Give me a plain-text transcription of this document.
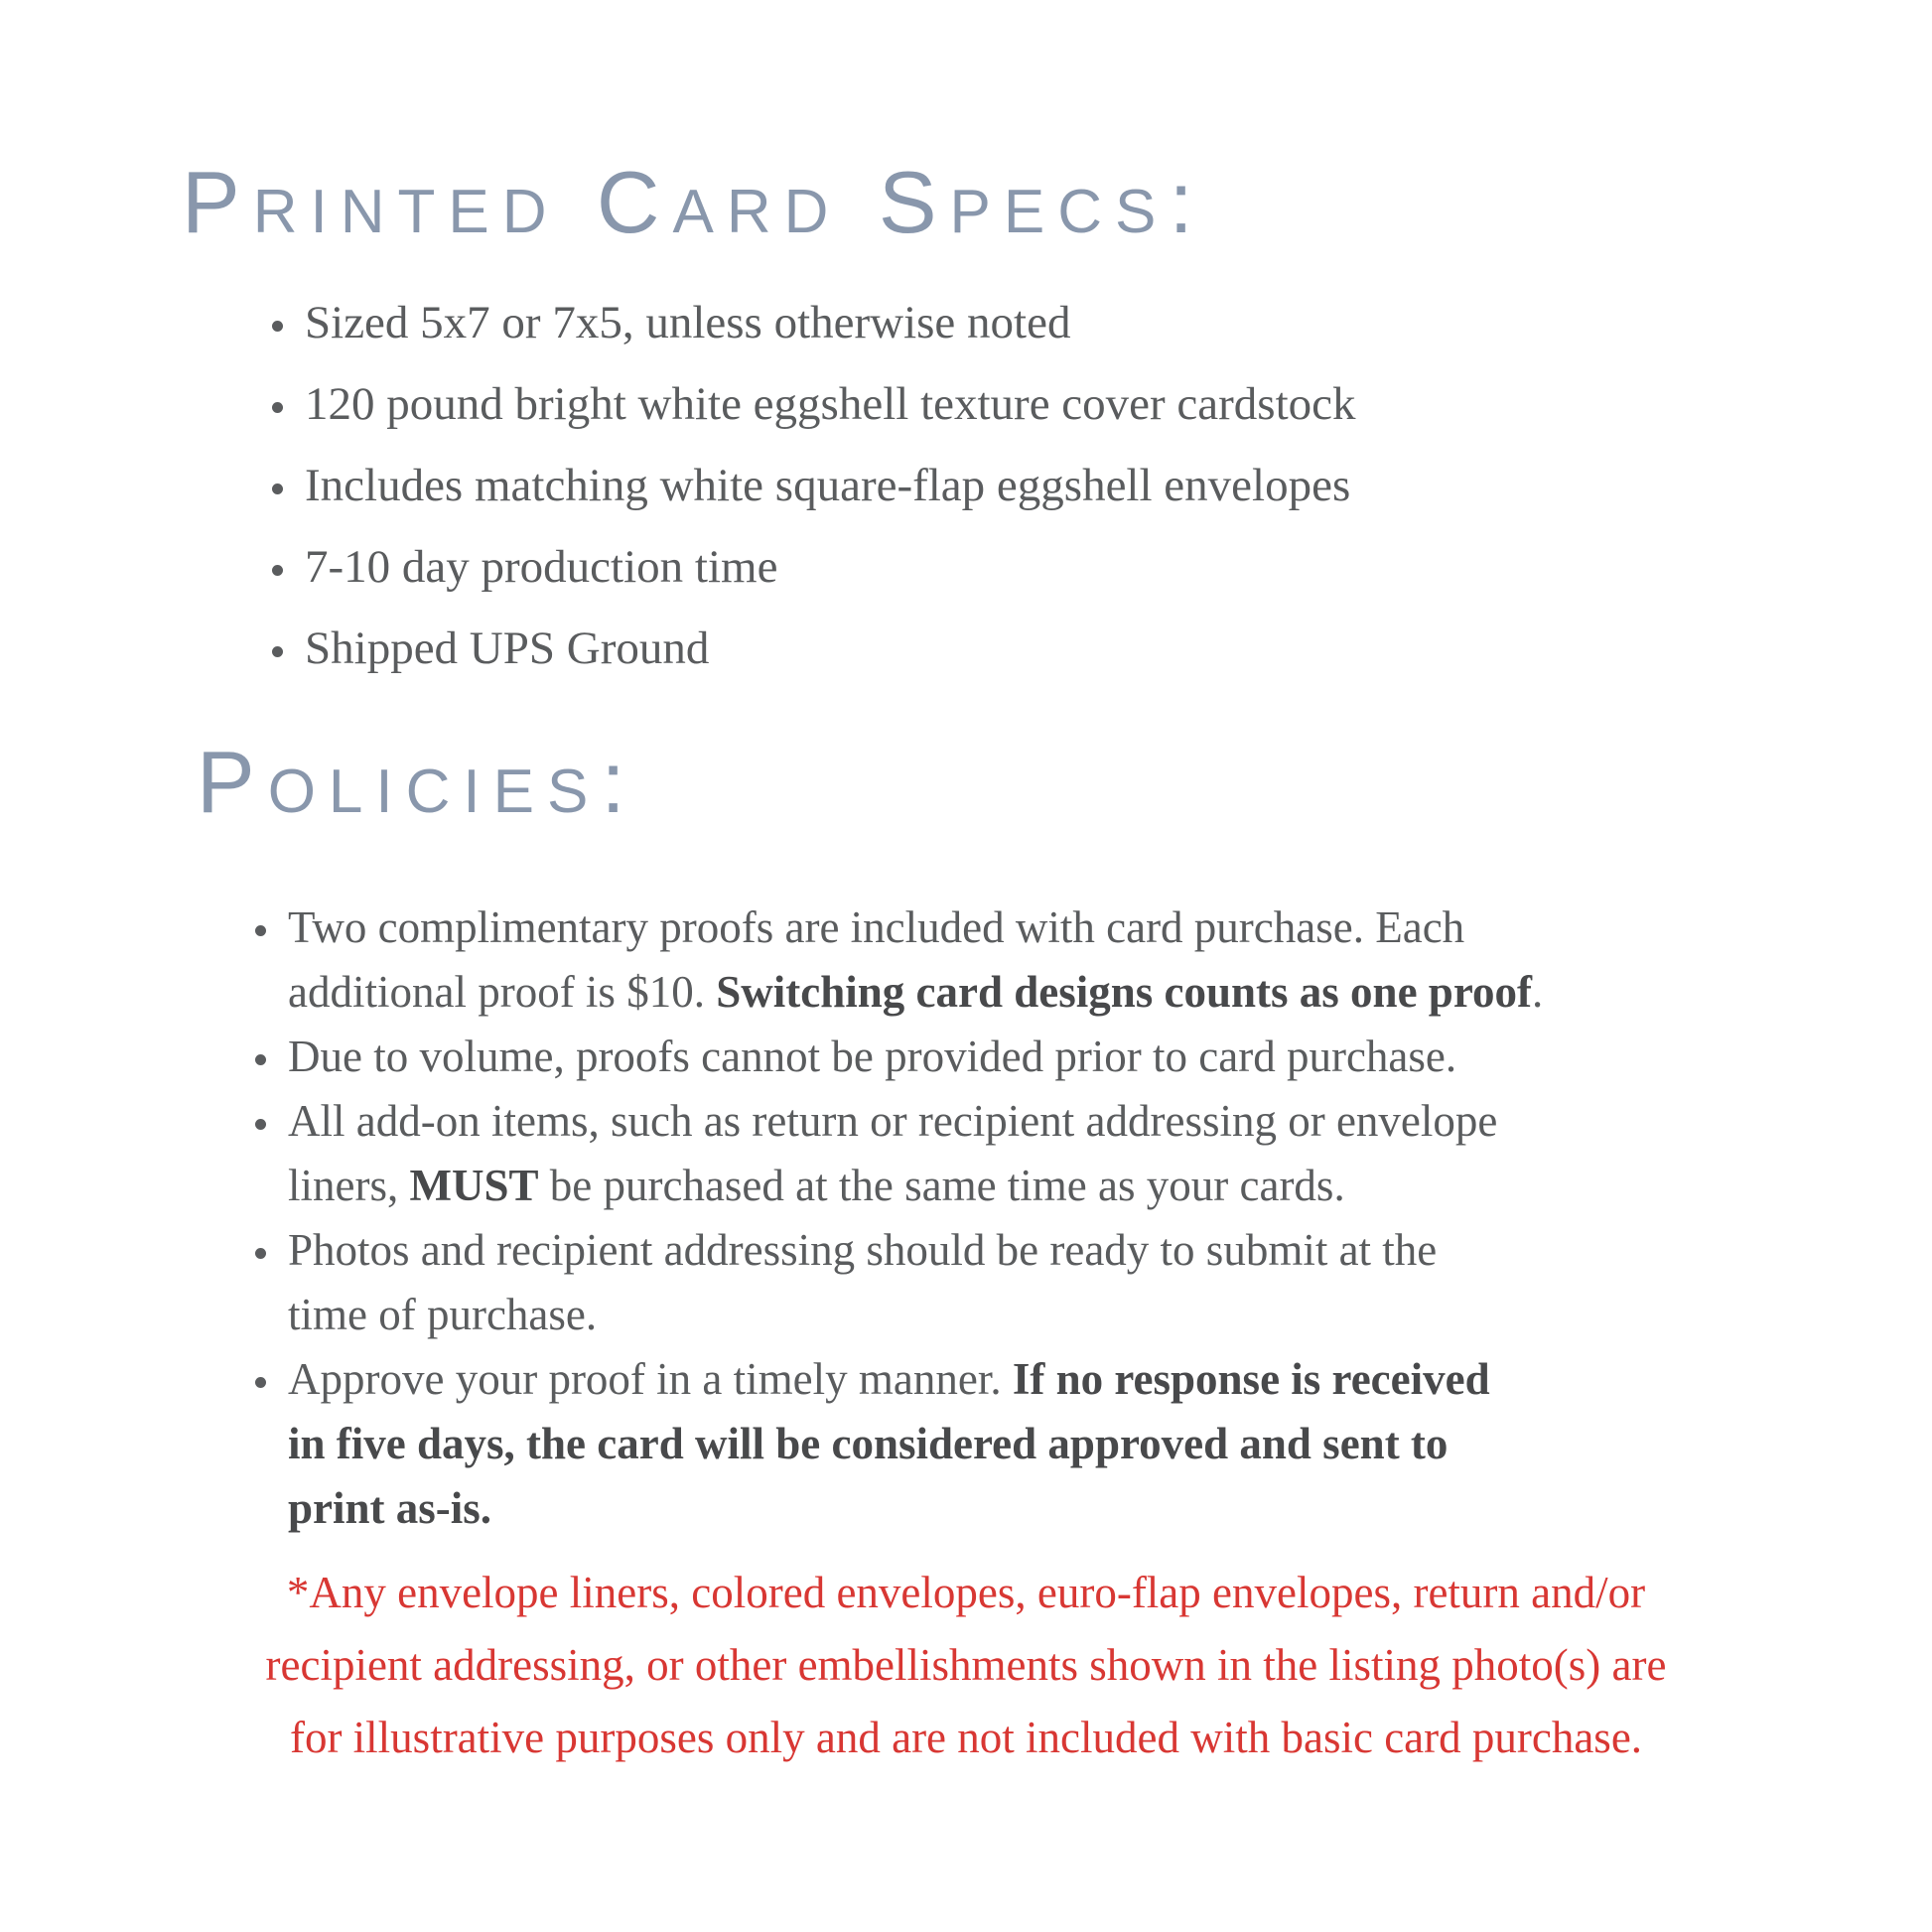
Printed Card Specs:
• Sized 5x7 or 7x5, unless otherwise noted
• 120 pound bright white eggshell texture cover cardstock
• Includes matching white square-flap eggshell envelopes
• 7-10 day production time
• Shipped UPS Ground
Policies:
• Two complimentary proofs are included with card purchase. Each
additional proof is $10. Switching card designs counts as one proof.
• Due to volume, proofs cannot be provided prior to card purchase.
• All add-on items, such as return or recipient addressing or envelope
liners, MUST be purchased at the same time as your cards.
• Photos and recipient addressing should be ready to submit at the
time of purchase.
• Approve your proof in a timely manner. If no response is received
in five days, the card will be considered approved and sent to
print as-is.
*Any envelope liners, colored envelopes, euro-flap envelopes, return and/or
recipient addressing, or other embellishments shown in the listing photo(s) are
for illustrative purposes only and are not included with basic card purchase.
